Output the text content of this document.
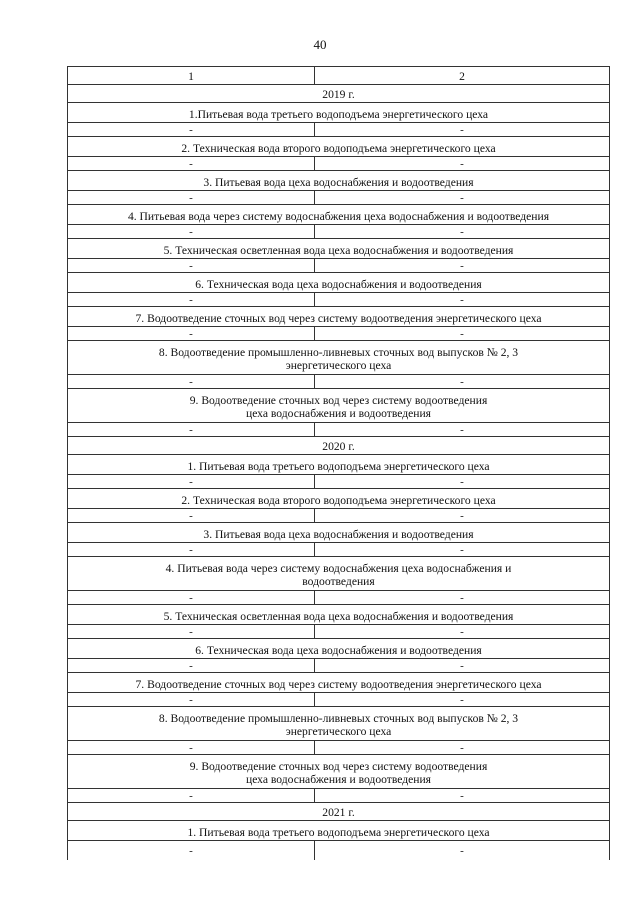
40
1	2
2019 г.	
1.Питьевая вода третьего водоподъема энергетического цеха	
-	-
2. Техническая вода второго водоподъема энергетического цеха	
-	-
3. Питьевая вода цеха водоснабжения и водоотведения	
-	-
4. Питьевая вода через систему водоснабжения цеха водоснабжения и водоотведения	
-	-
5. Техническая осветленная вода цеха водоснабжения и водоотведения	
-	-
6. Техническая вода цеха водоснабжения и водоотведения	
-	-
7. Водоотведение сточных вод через систему водоотведения энергетического цеха	
-	-

8. Водоотведение промышленно-ливневых сточных вод выпусков № 2, 3
энергетического цеха	

-	-

9. Водоотведение сточных вод через систему водоотведения
цеха водоснабжения и водоотведения	

-	-
2020 г.	
1. Питьевая вода третьего водоподъема энергетического цеха	
-	-
2. Техническая вода второго водоподъема энергетического цеха	
-	-
3. Питьевая вода цеха водоснабжения и водоотведения	
-	-

4. Питьевая вода через систему водоснабжения цеха водоснабжения и
водоотведения	

-	-
5. Техническая осветленная вода цеха водоснабжения и водоотведения	
-	-
6. Техническая вода цеха водоснабжения и водоотведения	
-	-
7. Водоотведение сточных вод через систему водоотведения энергетического цеха	
-	-

8. Водоотведение промышленно-ливневых сточных вод выпусков № 2, 3
энергетического цеха	

-	-

9. Водоотведение сточных вод через систему водоотведения
цеха водоснабжения и водоотведения	

-	-
2021 г.	
1. Питьевая вода третьего водоподъема энергетического цеха	
-	-
